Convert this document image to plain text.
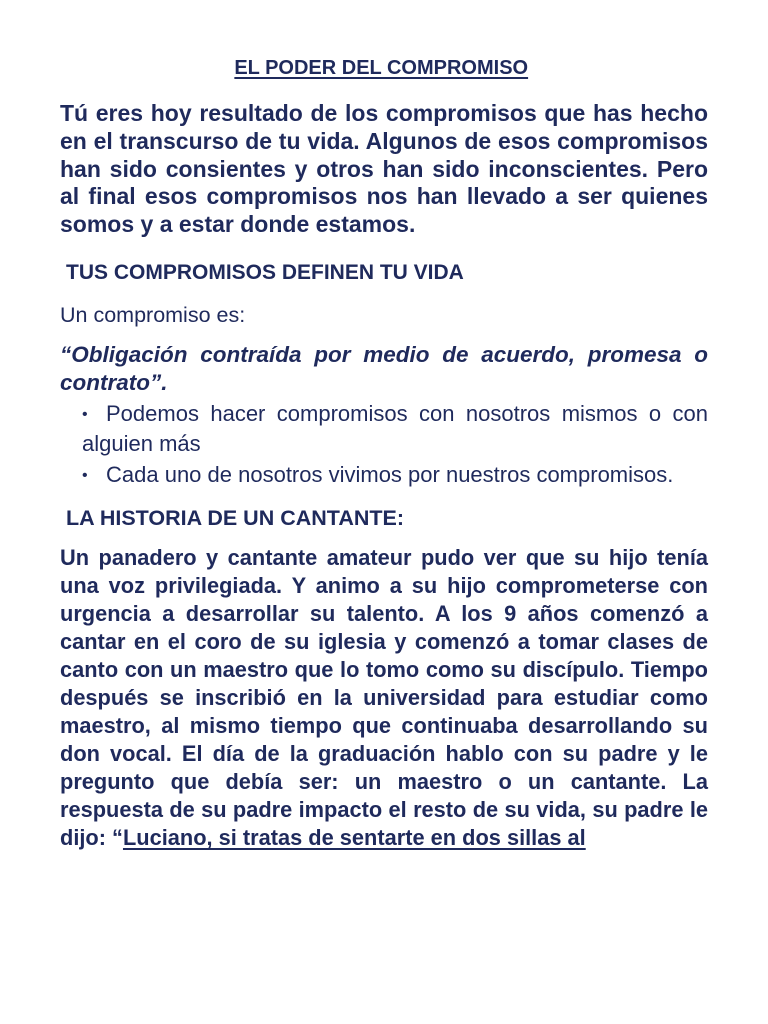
EL PODER DEL COMPROMISO

Tú eres hoy resultado de los compromisos que has hecho en el transcurso de tu vida. Algunos de esos compromisos han sido consientes y otros han sido inconscientes. Pero al final esos compromisos nos han llevado a ser quienes somos y a estar donde estamos.

TUS COMPROMISOS DEFINEN TU VIDA

Un compromiso es:

“Obligación contraída por medio de acuerdo, promesa o contrato”.

• Podemos hacer compromisos con nosotros mismos o con alguien más
• Cada uno de nosotros vivimos por nuestros compromisos.
LA HISTORIA DE UN CANTANTE:

Un panadero y cantante amateur pudo ver que su hijo tenía una voz privilegiada. Y animo a su hijo comprometerse con urgencia a desarrollar su talento. A los 9 años comenzó a cantar en el coro de su iglesia y comenzó a tomar clases de canto con un maestro que lo tomo como su discípulo. Tiempo después se inscribió en la universidad para estudiar como maestro, al mismo tiempo que continuaba desarrollando su don vocal. El día de la graduación hablo con su padre y le pregunto que debía ser: un maestro o un cantante. La respuesta de su padre impacto el resto de su vida, su padre le dijo: “Luciano, si tratas de sentarte en dos sillas al
